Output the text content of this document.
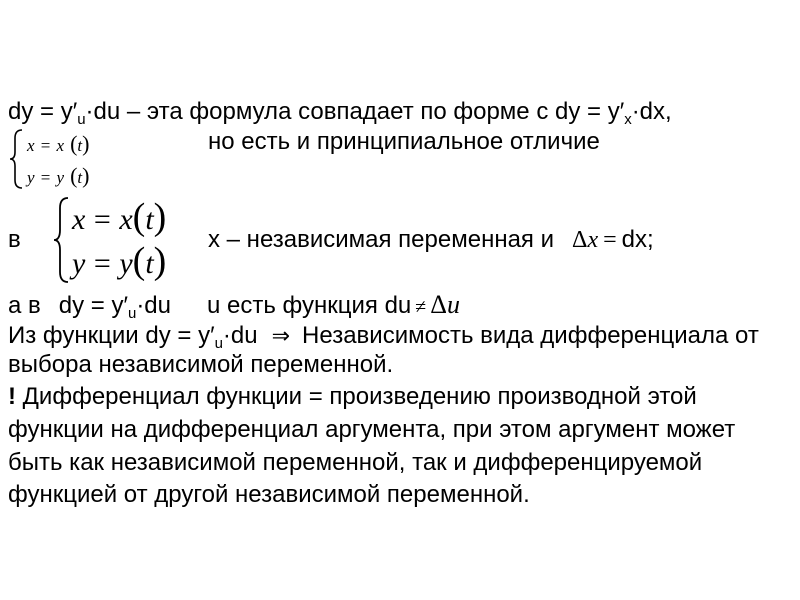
dy = $y'_u\cdot du$ – эта формула совпадает по форме с dy = $y'_x\cdot dx$,
x = x (t)
y = y (t)
но есть и принципиальное отличие
в
x = x(t)
y = y(t)
x – независимая переменная и Δx = dx;
а в dy = $y'_u\cdot du$ u есть функция du ≠ Δu
Из функции dy = $y'_u\cdot du$ ⇒ Независимость вида дифференциала от
выбора независимой переменной.
! Дифференциал функции = произведению производной этой
функции на дифференциал аргумента, при этом аргумент может
быть как независимой переменной, так и дифференцируемой
функцией от другой независимой переменной.
